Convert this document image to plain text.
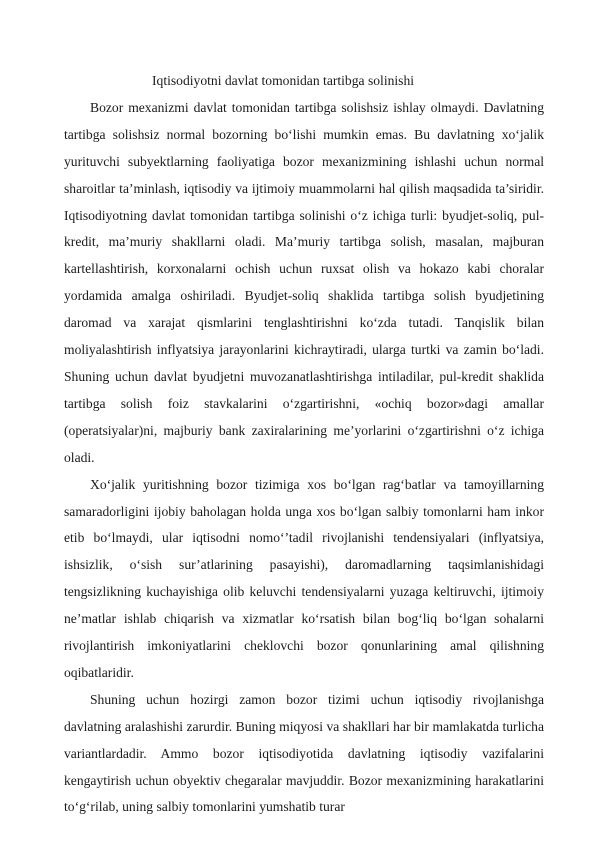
Iqtisodiyotni davlat tomonidan tartibga solinishi

Bozor mexanizmi davlat tomonidan tartibga solishsiz ishlay olmaydi. Davlatning tartibga solishsiz normal bozorning bo‘lishi mumkin emas. Bu davlatning xo‘jalik yurituvchi subyektlarning faoliyatiga bozor mexanizmining ishlashi uchun normal sharoitlar ta’minlash, iqtisodiy va ijtimoiy muammolarni hal qilish maqsadida ta’siridir. Iqtisodiyotning davlat tomonidan tartibga solinishi o‘z ichiga turli: byudjet-soliq, pul-kredit, ma’muriy shakllarni oladi. Ma’muriy tartibga solish, masalan, majburan kartellashtirish, korxonalarni ochish uchun ruxsat olish va hokazo kabi choralar yordamida amalga oshiriladi. Byudjet-soliq shaklida tartibga solish byudjetining daromad va xarajat qismlarini tenglashtirishni ko‘zda tutadi. Tanqislik bilan moliyalashtirish inflyatsiya jarayonlarini kichraytiradi, ularga turtki va zamin bo‘ladi. Shuning uchun davlat byudjetni muvozanatlashtirishga intiladilar, pul-kredit shaklida tartibga solish foiz stavkalarini o‘zgartirishni, «ochiq bozor»dagi amallar (operatsiyalar)ni, majburiy bank zaxiralarining me’yorlarini o‘zgartirishni o‘z ichiga oladi.

Xo‘jalik yuritishning bozor tizimiga xos bo‘lgan rag‘batlar va tamoyillarning samaradorligini ijobiy baholagan holda unga xos bo‘lgan salbiy tomonlarni ham inkor etib bo‘lmaydi, ular iqtisodni nomo‘’tadil rivojlanishi tendensiyalari (inflyatsiya, ishsizlik, o‘sish sur’atlarining pasayishi), daromadlarning taqsimlanishidagi tengsizlikning kuchayishiga olib keluvchi tendensiyalarni yuzaga keltiruvchi, ijtimoiy ne’matlar ishlab chiqarish va xizmatlar ko‘rsatish bilan bog‘liq bo‘lgan sohalarni rivojlantirish imkoniyatlarini cheklovchi bozor qonunlarining amal qilishning oqibatlaridir.

Shuning uchun hozirgi zamon bozor tizimi uchun iqtisodiy rivojlanishga davlatning aralashishi zarurdir. Buning miqyosi va shakllari har bir mamlakatda turlicha variantlardadir. Ammo bozor iqtisodiyotida davlatning iqtisodiy vazifalarini kengaytirish uchun obyektiv chegaralar mavjuddir. Bozor mexanizmining harakatlarini to‘g‘rilab, uning salbiy tomonlarini yumshatib turar
